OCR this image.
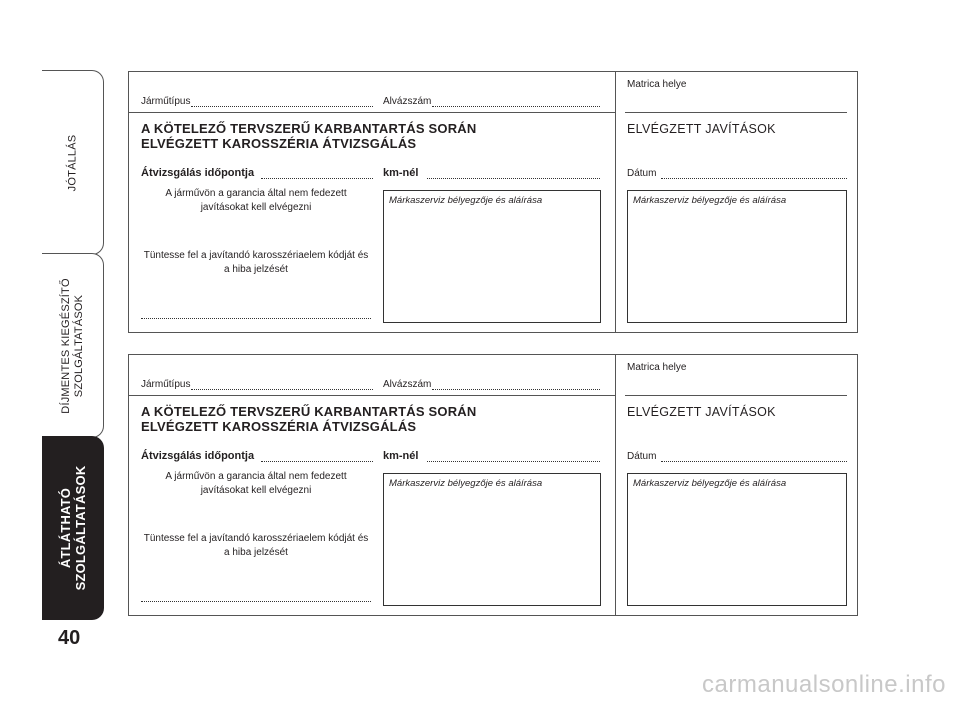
JÓTÁLLÁS
DÍJMENTES KIEGÉSZÍTŐ SZOLGÁLTATÁSOK
ÁTLÁTHATÓ SZOLGÁLTATÁSOK
40
Járműtípus	Alvázszám
Matrica helye
A KÖTELEZŐ TERVSZERŰ KARBANTARTÁS SORÁN
ELVÉGZETT KAROSSZÉRIA ÁTVIZSGÁLÁS
Átvizsgálás időpontja	km-nél
A járművön a garancia által nem fedezett javításokat kell elvégezni
Tüntesse fel a javítandó karosszériaelem kódját és a hiba jelzését
Márkaszerviz bélyegzője és aláírása
ELVÉGZETT JAVÍTÁSOK
Dátum
Márkaszerviz bélyegzője és aláírása
Járműtípus	Alvázszám
Matrica helye
A KÖTELEZŐ TERVSZERŰ KARBANTARTÁS SORÁN
ELVÉGZETT KAROSSZÉRIA ÁTVIZSGÁLÁS
Átvizsgálás időpontja	km-nél
A járművön a garancia által nem fedezett javításokat kell elvégezni
Tüntesse fel a javítandó karosszériaelem kódját és a hiba jelzését
Márkaszerviz bélyegzője és aláírása
ELVÉGZETT JAVÍTÁSOK
Dátum
Márkaszerviz bélyegzője és aláírása
carmanualsonline.info
